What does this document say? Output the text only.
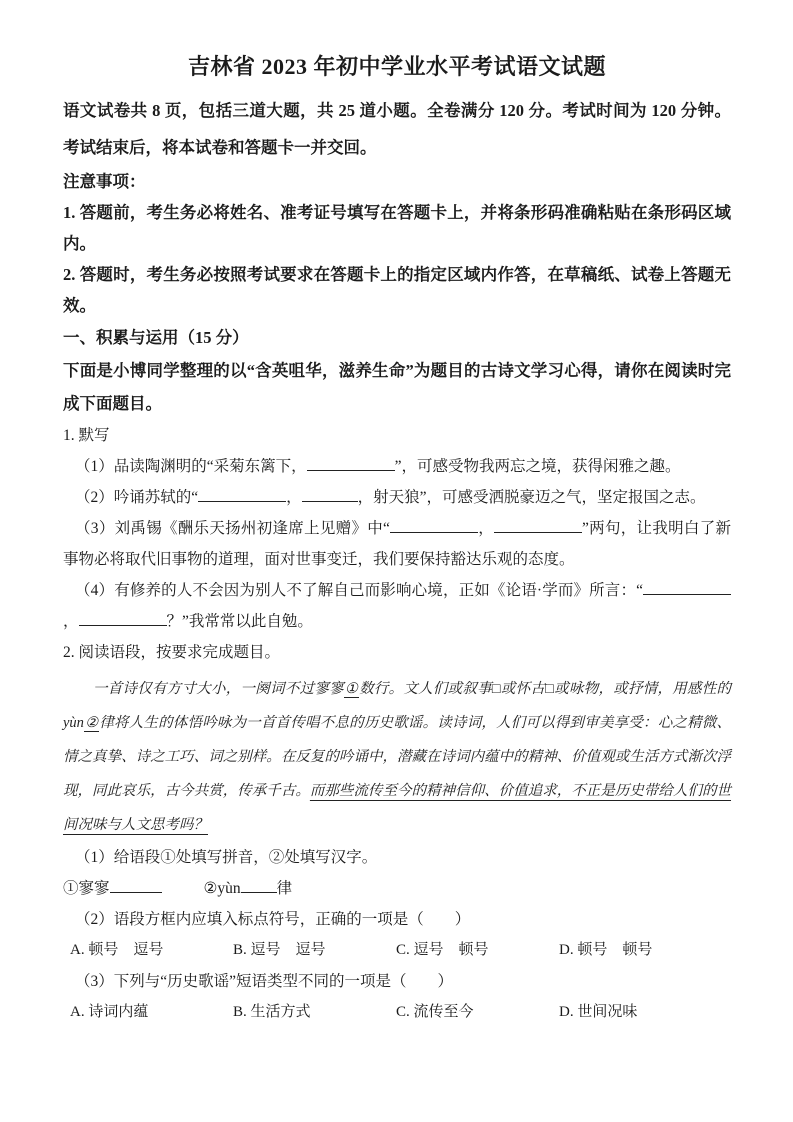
吉林省 2023 年初中学业水平考试语文试题

语文试卷共 8 页，包括三道大题，共 25 道小题。全卷满分 120 分。考试时间为 120 分钟。考试结束后，将本试卷和答题卡一并交回。

注意事项：

1. 答题前，考生务必将姓名、准考证号填写在答题卡上，并将条形码准确粘贴在条形码区域内。

2. 答题时，考生务必按照考试要求在答题卡上的指定区域内作答，在草稿纸、试卷上答题无效。

一、积累与运用（15 分）

下面是小博同学整理的以“含英咀华，滋养生命”为题目的古诗文学习心得，请你在阅读时完成下面题目。

1. 默写

（1）品读陶渊明的“采菊东篱下，	”，可感受物我两忘之境，获得闲雅之趣。

（2）吟诵苏轼的“	，	，射天狼”，可感受洒脱豪迈之气，坚定报国之志。

（3）刘禹锡《酬乐天扬州初逢席上见赠》中“	，	”两句，让我明白了新事物必将取代旧事物的道理，面对世事变迁，我们要保持豁达乐观的态度。

（4）有修养的人不会因为别人不了解自己而影响心境，正如《论语·学而》所言：“，	？”我常常以此自勉。

2. 阅读语段，按要求完成题目。

一首诗仅有方寸大小，一阕词不过寥寥①数行。文人们或叙事□或怀古□或咏物，或抒情，用感性的 yùn②律将人生的体悟吟咏为一首首传唱不息的历史歌谣。读诗词，人们可以得到审美享受：心之精微、情之真挚、诗之工巧、词之别样。在反复的吟诵中，潜藏在诗词内蕴中的精神、价值观或生活方式渐次浮现，同此哀乐，古今共赏，传承千古。而那些流传至今的精神信仰、价值追求，不正是历史带给人们的世间况味与人文思考吗？

（1）给语段①处填写拼音，②处填写汉字。

①寥寥	②yùn 律

（2）语段方框内应填入标点符号，正确的一项是（　　）

A. 顿号　逗号	B. 逗号　逗号	C. 逗号　顿号	D. 顿号　顿号

（3）下列与“历史歌谣”短语类型不同的一项是（　　）

A. 诗词内蕴	B. 生活方式	C. 流传至今	D. 世间况味
